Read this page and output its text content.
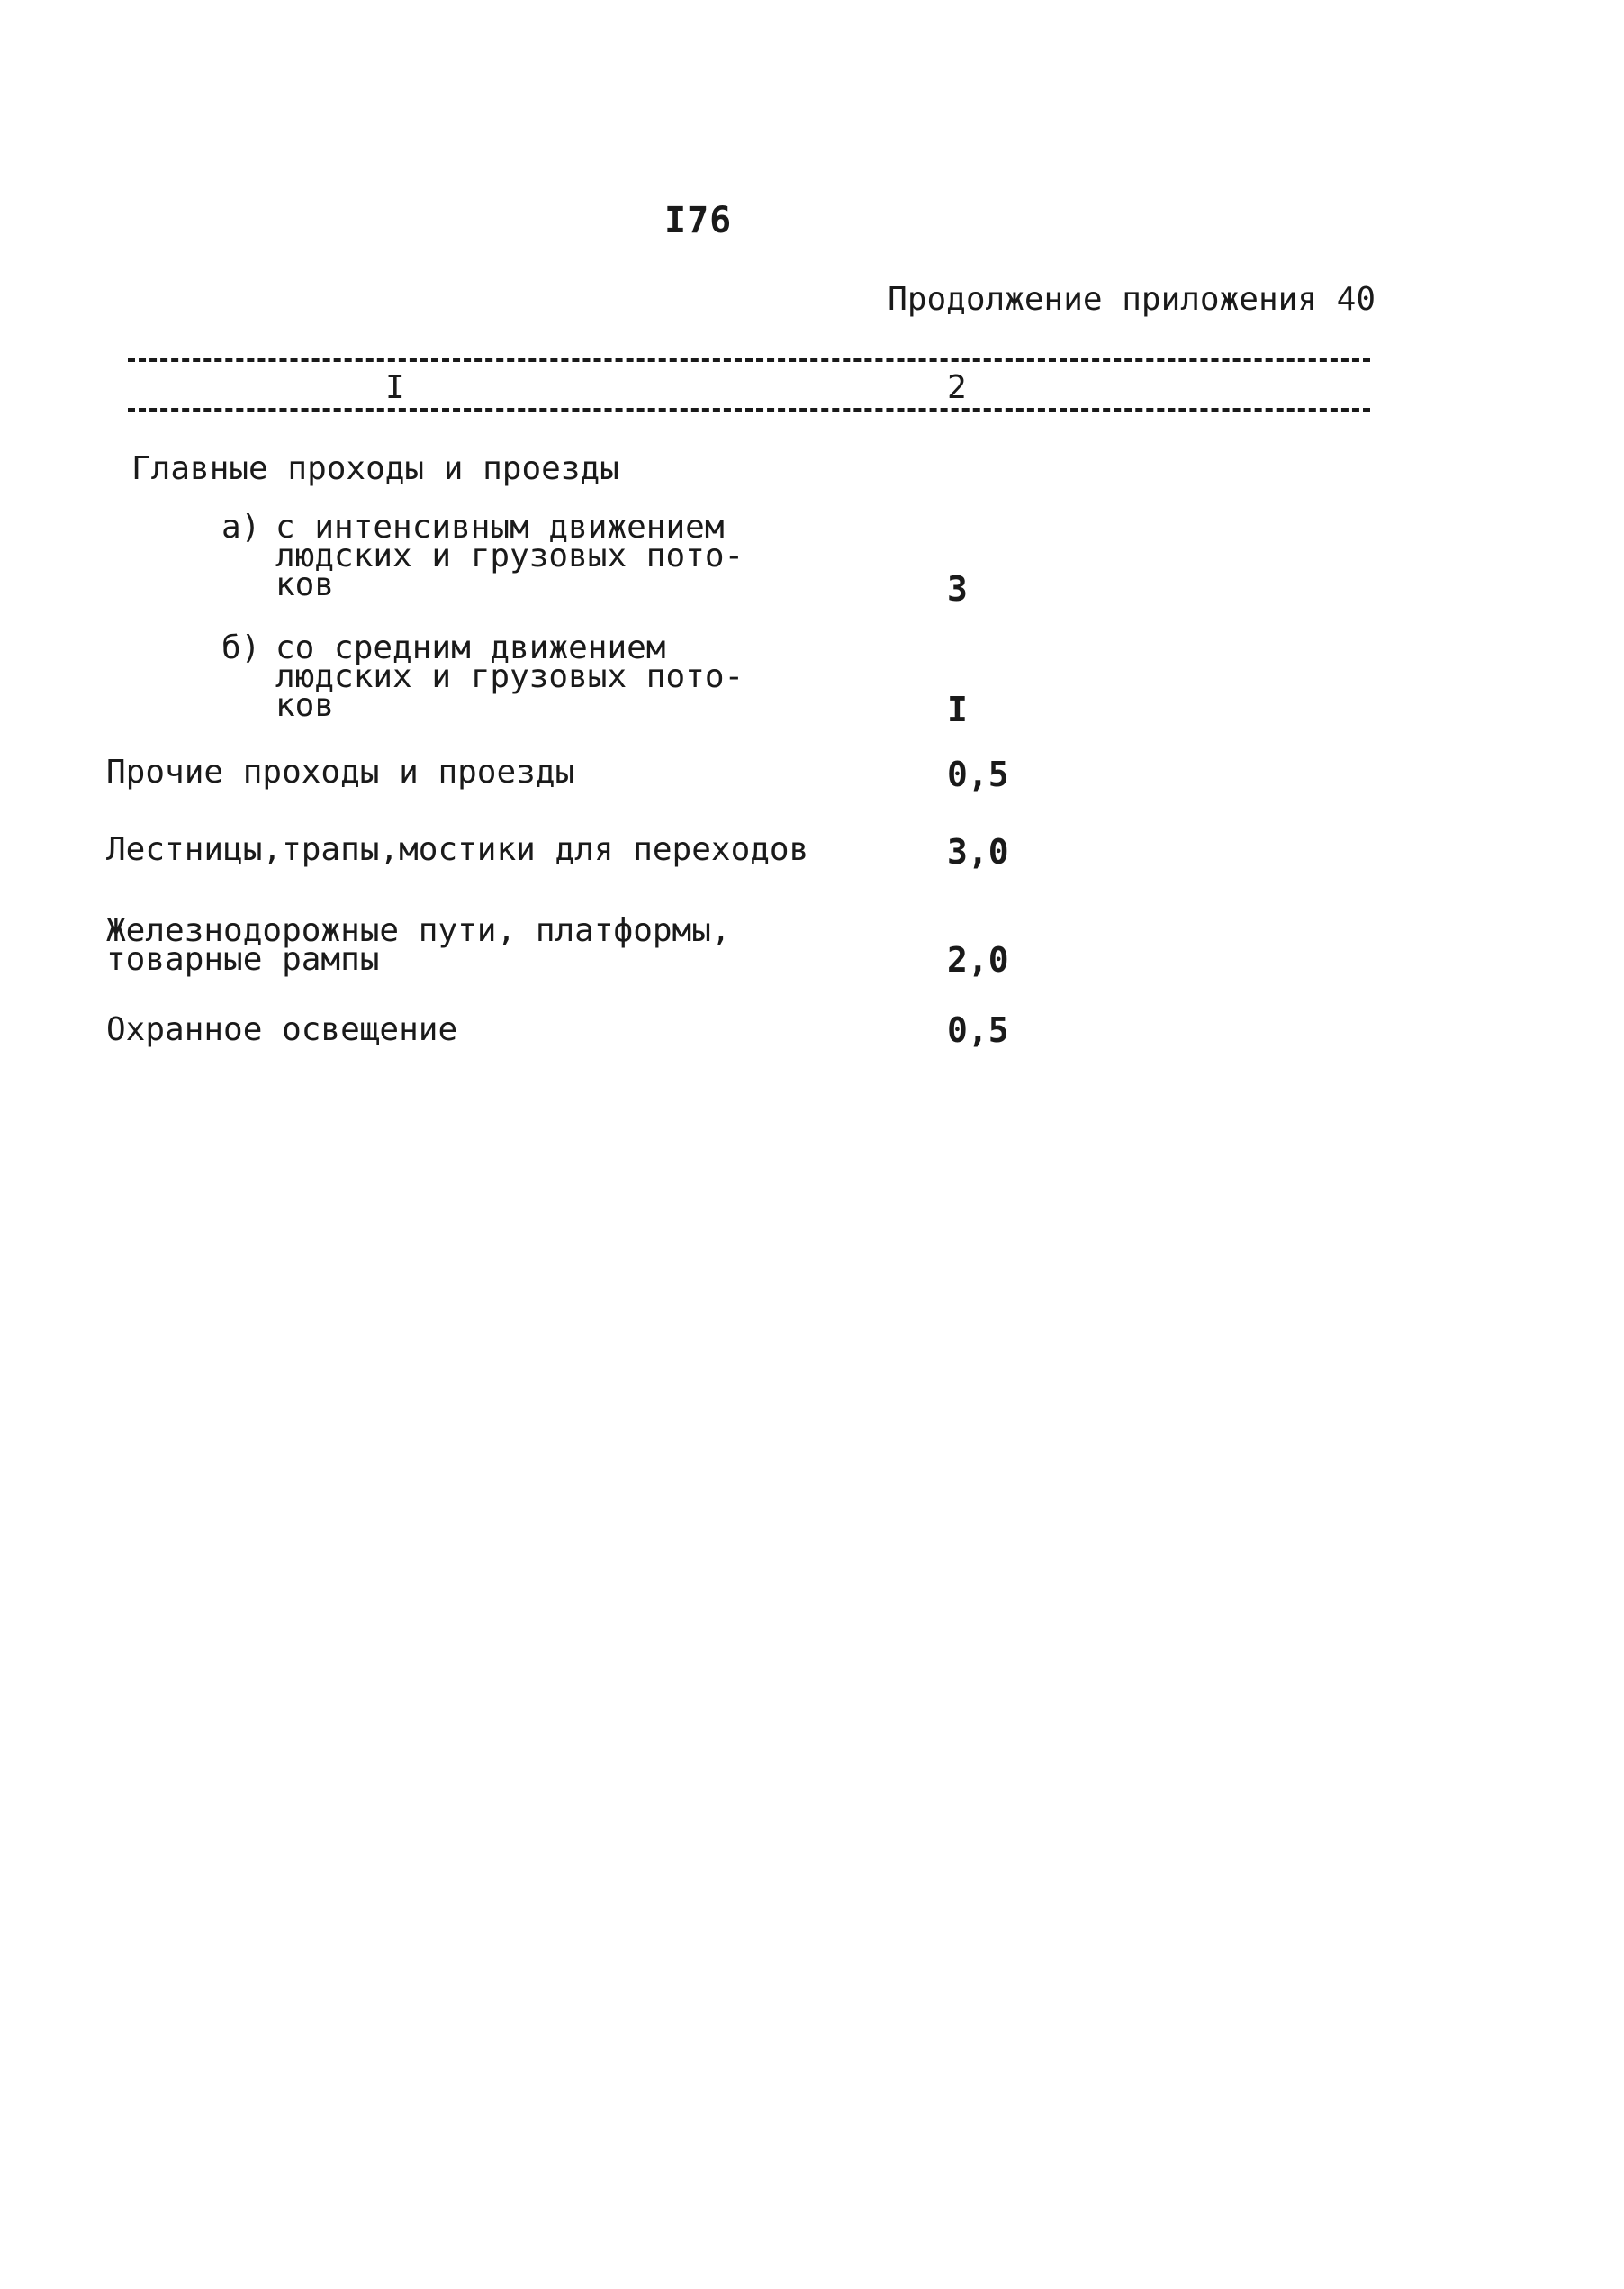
I76
Продолжение приложения 40
I	2
Главные проходы и проезды
а) с интенсивным движением
людских и грузовых пото-
ков	3
б) со средним движением
людских и грузовых пото-
ков	I
Прочие проходы и проезды	0,5
Лестницы,трапы,мостики для переходов	3,0
Железнодорожные пути, платформы,
товарные рампы	2,0
Охранное освещение	0,5
